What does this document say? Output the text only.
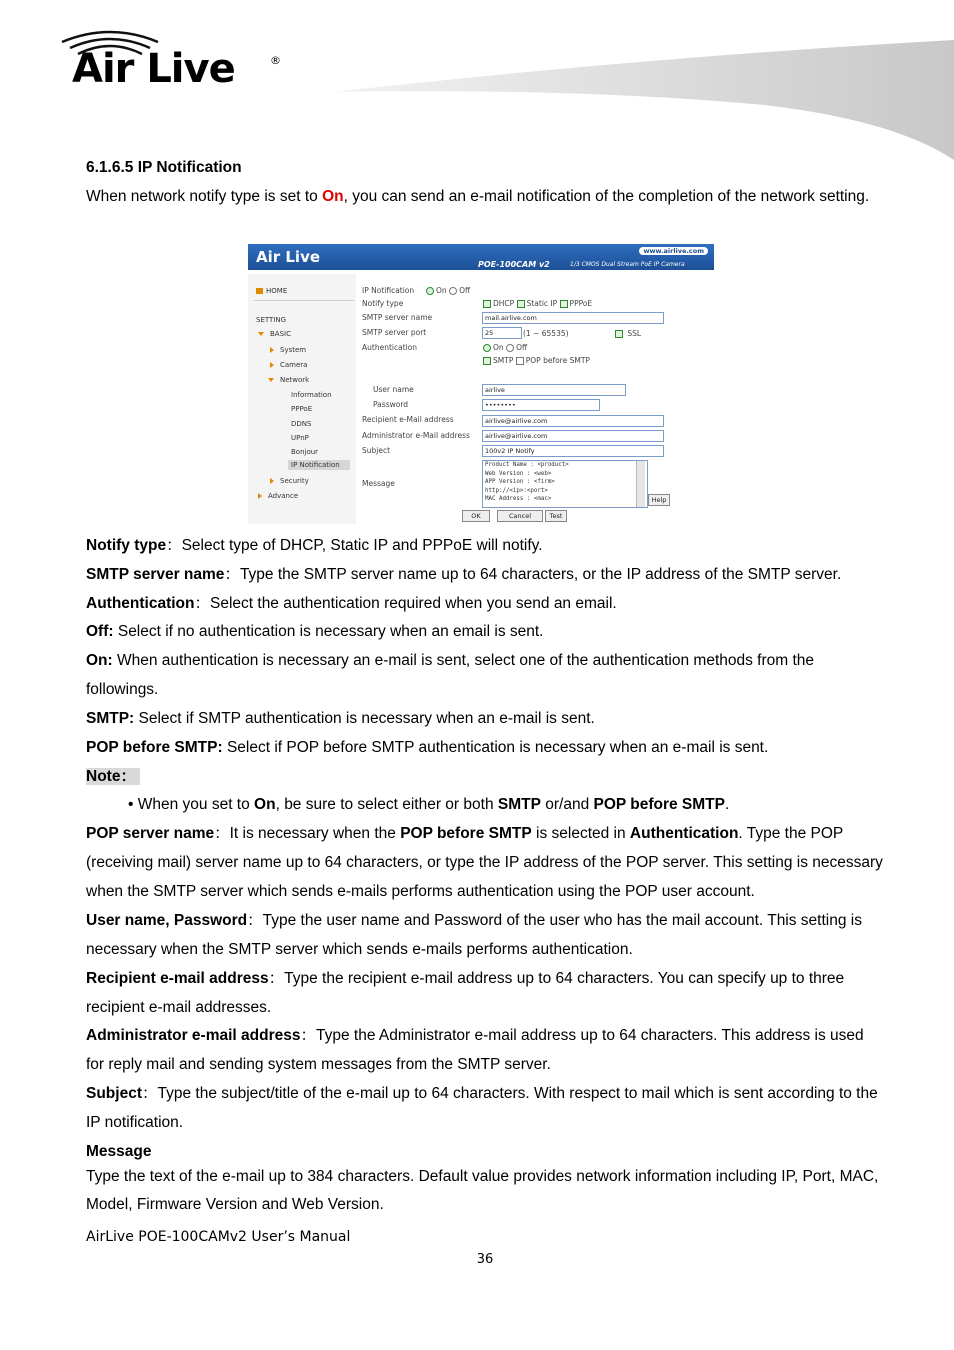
Air Live	®
6.1.6.5 IP Notification

When network notify type is set to On, you can send an e-mail notification of the completion of the network setting.

Air Live	www.airlive.com
POE-100CAM v2	1/3 CMOS Dual Stream PoE IP Camera
HOME
SETTING
BASIC
System
Camera
Network
Information
PPPoE
DDNS
UPnP
Bonjour
IP Notification
Security
Advance
IP Notification	On Off
Notify type	DHCP Static IP PPPoE
SMTP server name	mail.airlive.com
SMTP server port	25	(1 ~ 65535)	SSL
Authentication	On Off
SMTP POP before SMTP
User name	airlive
Password	••••••••
Recipient e-Mail address	airlive@airlive.com
Administrator e-Mail address	airlive@airlive.com
Subject	100v2 IP Notify
Message
Product Name : <product>
Web Version : <web>
APP Version : <firm>
http://<ip>:<port>
MAC Address : <mac>	Help
OK	Cancel	Test

Notify type：Select type of DHCP, Static IP and PPPoE will notify.

SMTP server name：Type the SMTP server name up to 64 characters, or the IP address of the SMTP server.

Authentication：Select the authentication required when you send an email.

Off: Select if no authentication is necessary when an email is sent.

On: When authentication is necessary an e-mail is sent, select one of the authentication methods from the followings.

SMTP: Select if SMTP authentication is necessary when an e-mail is sent.

POP before SMTP: Select if POP before SMTP authentication is necessary when an e-mail is sent.

Note：

• When you set to On, be sure to select either or both SMTP or/and POP before SMTP.

POP server name：It is necessary when the POP before SMTP is selected in Authentication. Type the POP (receiving mail) server name up to 64 characters, or type the IP address of the POP server. This setting is necessary when the SMTP server which sends e-mails performs authentication using the POP user account.

User name, Password：Type the user name and Password of the user who has the mail account. This setting is necessary when the SMTP server which sends e-mails performs authentication.

Recipient e-mail address：Type the recipient e-mail address up to 64 characters. You can specify up to three recipient e-mail addresses.

Administrator e-mail address：Type the Administrator e-mail address up to 64 characters. This address is used for reply mail and sending system messages from the SMTP server.

Subject：Type the subject/title of the e-mail up to 64 characters. With respect to mail which is sent according to the IP notification.

Message

Type the text of the e-mail up to 384 characters. Default value provides network information including IP, Port, MAC, Model, Firmware Version and Web Version.

AirLive POE-100CAMv2 User’s Manual
36
